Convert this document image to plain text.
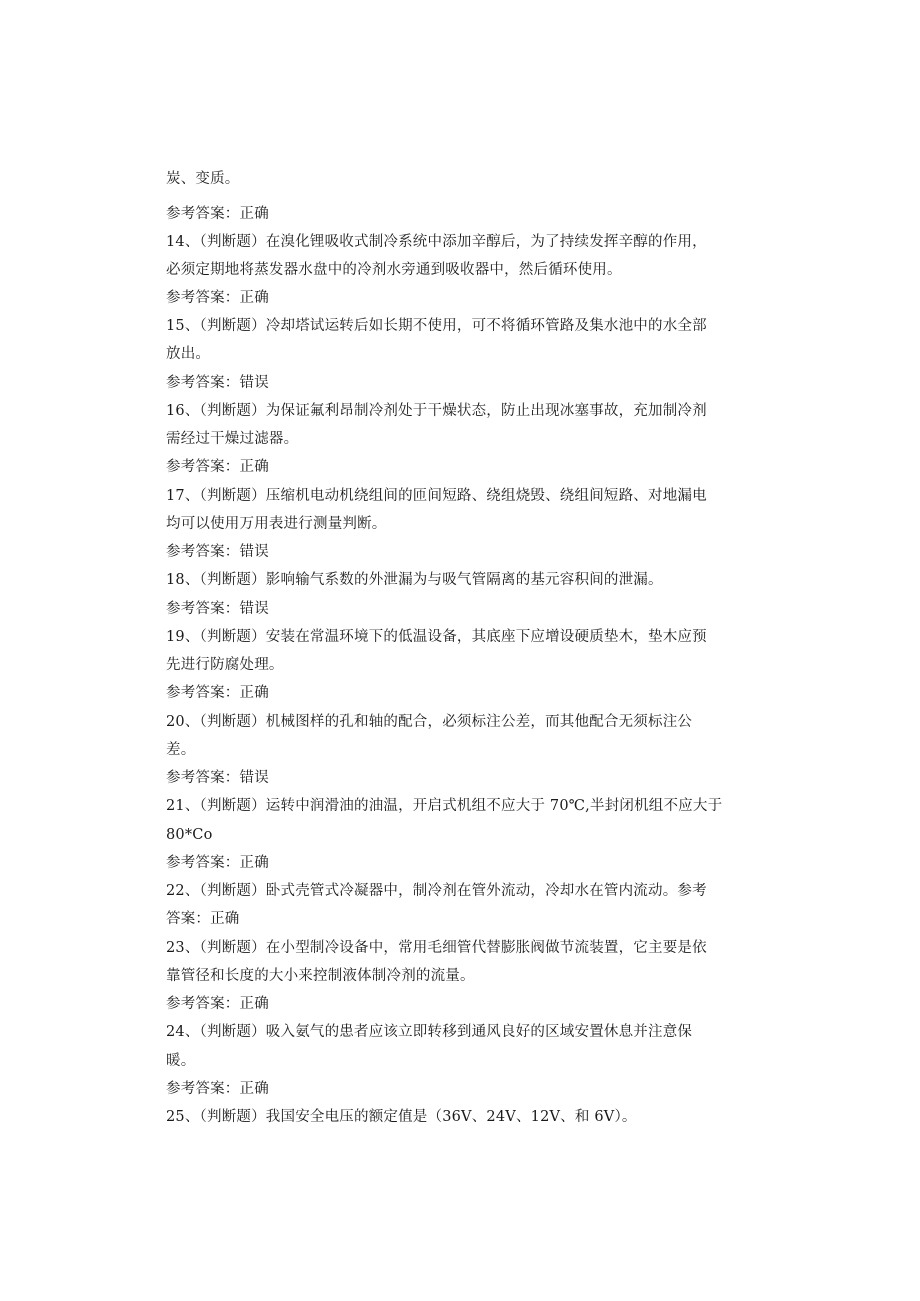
炭、变质。
参考答案：正确
14、（判断题）在溴化锂吸收式制冷系统中添加辛醇后，为了持续发挥辛醇的作用，
必须定期地将蒸发器水盘中的冷剂水旁通到吸收器中，然后循环使用。
参考答案：正确
15、（判断题）冷却塔试运转后如长期不使用，可不将循环管路及集水池中的水全部
放出。
参考答案：错误
16、（判断题）为保证氟利昂制冷剂处于干燥状态，防止出现冰塞事故，充加制冷剂
需经过干燥过滤器。
参考答案：正确
17、（判断题）压缩机电动机绕组间的匝间短路、绕组烧毁、绕组间短路、对地漏电
均可以使用万用表进行测量判断。
参考答案：错误
18、（判断题）影响输气系数的外泄漏为与吸气管隔离的基元容积间的泄漏。
参考答案：错误
19、（判断题）安装在常温环境下的低温设备，其底座下应增设硬质垫木，垫木应预
先进行防腐处理。
参考答案：正确
20、（判断题）机械图样的孔和轴的配合，必须标注公差，而其他配合无须标注公
差。
参考答案：错误
21、（判断题）运转中润滑油的油温，开启式机组不应大于 70℃,半封闭机组不应大于
80*Co
参考答案：正确
22、（判断题）卧式壳管式冷凝器中，制冷剂在管外流动，冷却水在管内流动。参考
答案：正确
23、（判断题）在小型制冷设备中，常用毛细管代替膨胀阀做节流装置，它主要是依
靠管径和长度的大小来控制液体制冷剂的流量。
参考答案：正确
24、（判断题）吸入氨气的患者应该立即转移到通风良好的区域安置休息并注意保
暖。
参考答案：正确
25、（判断题）我国安全电压的额定值是（36V、24V、12V、和 6V）。
